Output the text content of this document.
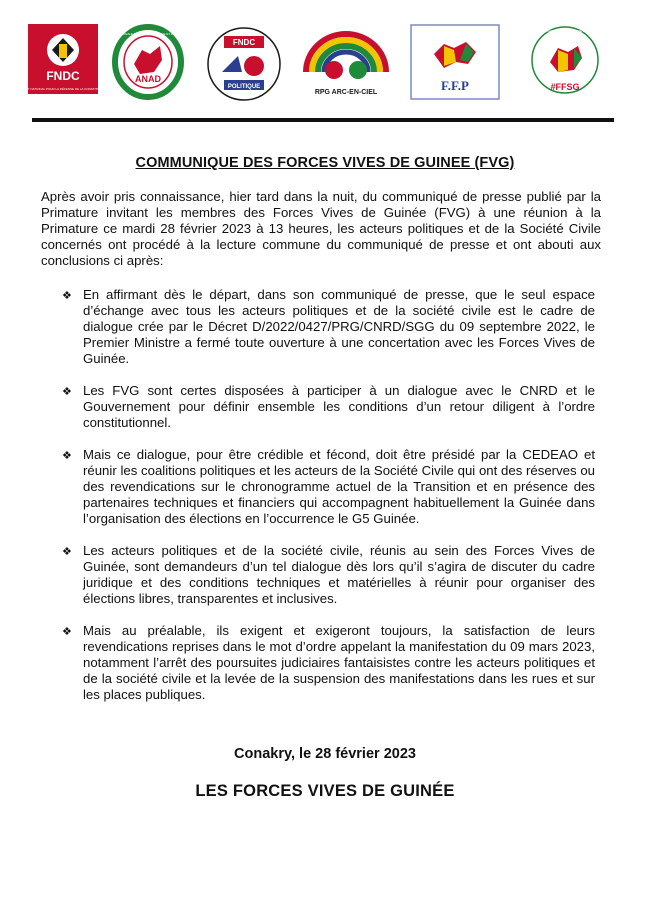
FNDC
FRONT NATIONAL POUR LA DÉFENSE DE LA CONSTITUTION
ANAD
ALLIANCE NATIONALE POUR L'ALTERNANCE ET LA DÉMOCRATIE
FNDC
POLITIQUE
RPG ARC-EN-CIEL	F.F.P	#FFSG
FORUM DES FORCES SOCIALES DE GUINÉE
COMMUNIQUE DES FORCES VIVES DE GUINEE (FVG)

Après avoir pris connaissance, hier tard dans la nuit, du communiqué de presse publié par la Primature invitant les membres des Forces Vives de Guinée (FVG) à une réunion à la Primature ce mardi 28 février 2023 à 13 heures, les acteurs politiques et de la Société Civile concernés ont procédé à la lecture commune du communiqué de presse et ont abouti aux conclusions ci après:

❖ En affirmant dès le départ, dans son communiqué de presse, que le seul espace d’échange avec tous les acteurs politiques et de la société civile est le cadre de dialogue crée par le Décret D/2022/0427/PRG/CNRD/SGG du 09 septembre 2022, le Premier Ministre a fermé toute ouverture à une concertation avec les Forces Vives de Guinée.
❖ Les FVG sont certes disposées à participer à un dialogue avec le CNRD et le Gouvernement pour définir ensemble les conditions d’un retour diligent à l’ordre constitutionnel.
❖ Mais ce dialogue, pour être crédible et fécond, doit être présidé par la CEDEAO et réunir les coalitions politiques et les acteurs de la Société Civile qui ont des réserves ou des revendications sur le chronogramme actuel de la Transition et en présence des partenaires techniques et financiers qui accompagnent habituellement la Guinée dans l’organisation des élections en l’occurrence le G5 Guinée.
❖ Les acteurs politiques et de la société civile, réunis au sein des Forces Vives de Guinée, sont demandeurs d’un tel dialogue dès lors qu’il s’agira de discuter du cadre juridique et des conditions techniques et matérielles à réunir pour organiser des élections libres, transparentes et inclusives.
❖ Mais au préalable, ils exigent et exigeront toujours, la satisfaction de leurs revendications reprises dans le mot d’ordre appelant la manifestation du 09 mars 2023, notamment l’arrêt des poursuites judiciaires fantaisistes contre les acteurs politiques et de la société civile et la levée de la suspension des manifestations dans les rues et sur les places publiques.
Conakry, le 28 février 2023
LES FORCES VIVES DE GUINÉE
